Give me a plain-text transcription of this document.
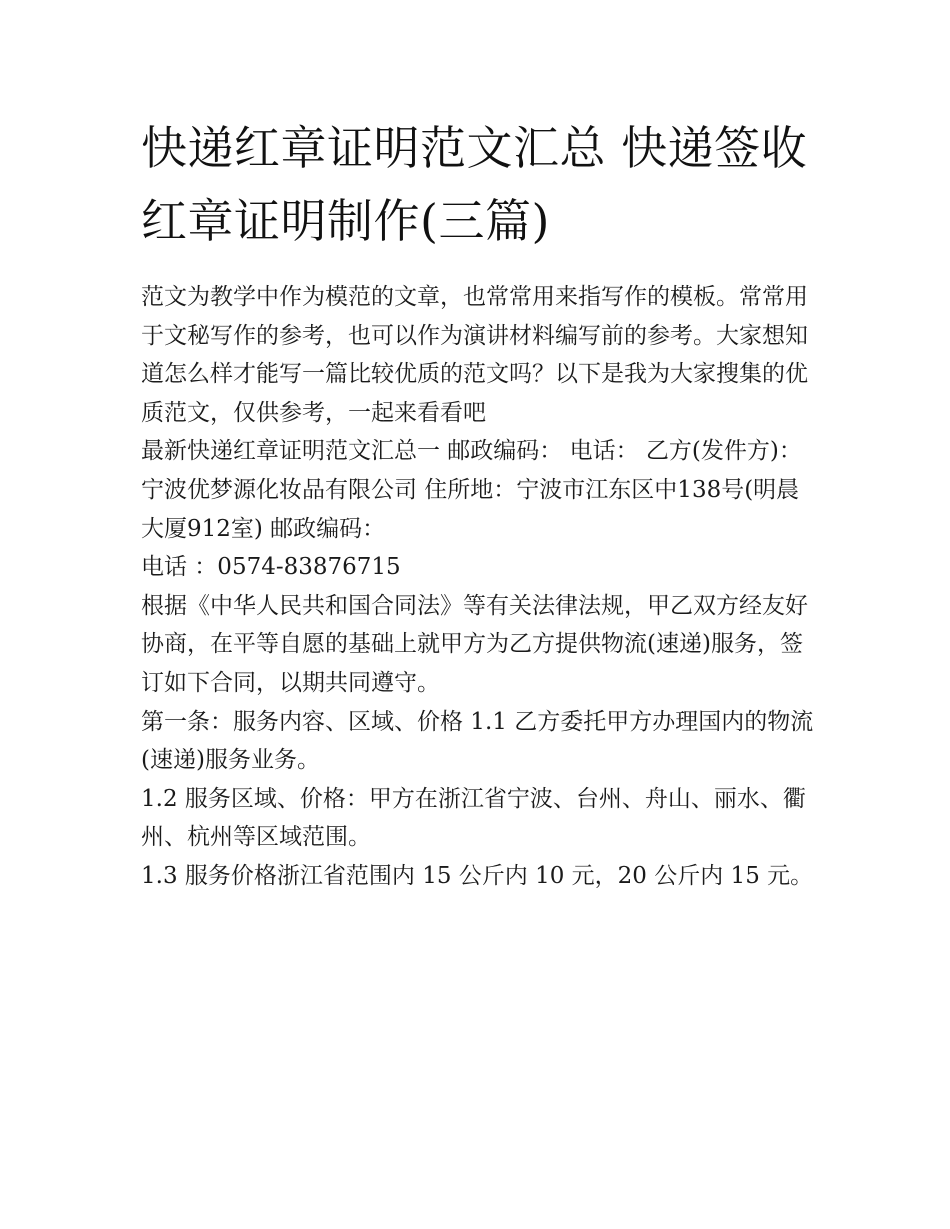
快递红章证明范文汇总 快递签收红章证明制作(三篇)

范文为教学中作为模范的文章，也常常用来指写作的模板。常常用于文秘写作的参考，也可以作为演讲材料编写前的参考。大家想知道怎么样才能写一篇比较优质的范文吗？以下是我为大家搜集的优质范文，仅供参考，一起来看看吧

最新快递红章证明范文汇总一 邮政编码： 电话： 乙方(发件方)：宁波优梦源化妆品有限公司 住所地：宁波市江东区中138号(明晨大厦912室) 邮政编码：

电话 ：0574-83876715

根据《中华人民共和国合同法》等有关法律法规，甲乙双方经友好协商，在平等自愿的基础上就甲方为乙方提供物流(速递)服务，签订如下合同，以期共同遵守。

第一条：服务内容、区域、价格 1.1 乙方委托甲方办理国内的物流(速递)服务业务。

1.2 服务区域、价格：甲方在浙江省宁波、台州、舟山、丽水、衢州、杭州等区域范围。

1.3 服务价格浙江省范围内 15 公斤内 10 元，20 公斤内 15 元。
